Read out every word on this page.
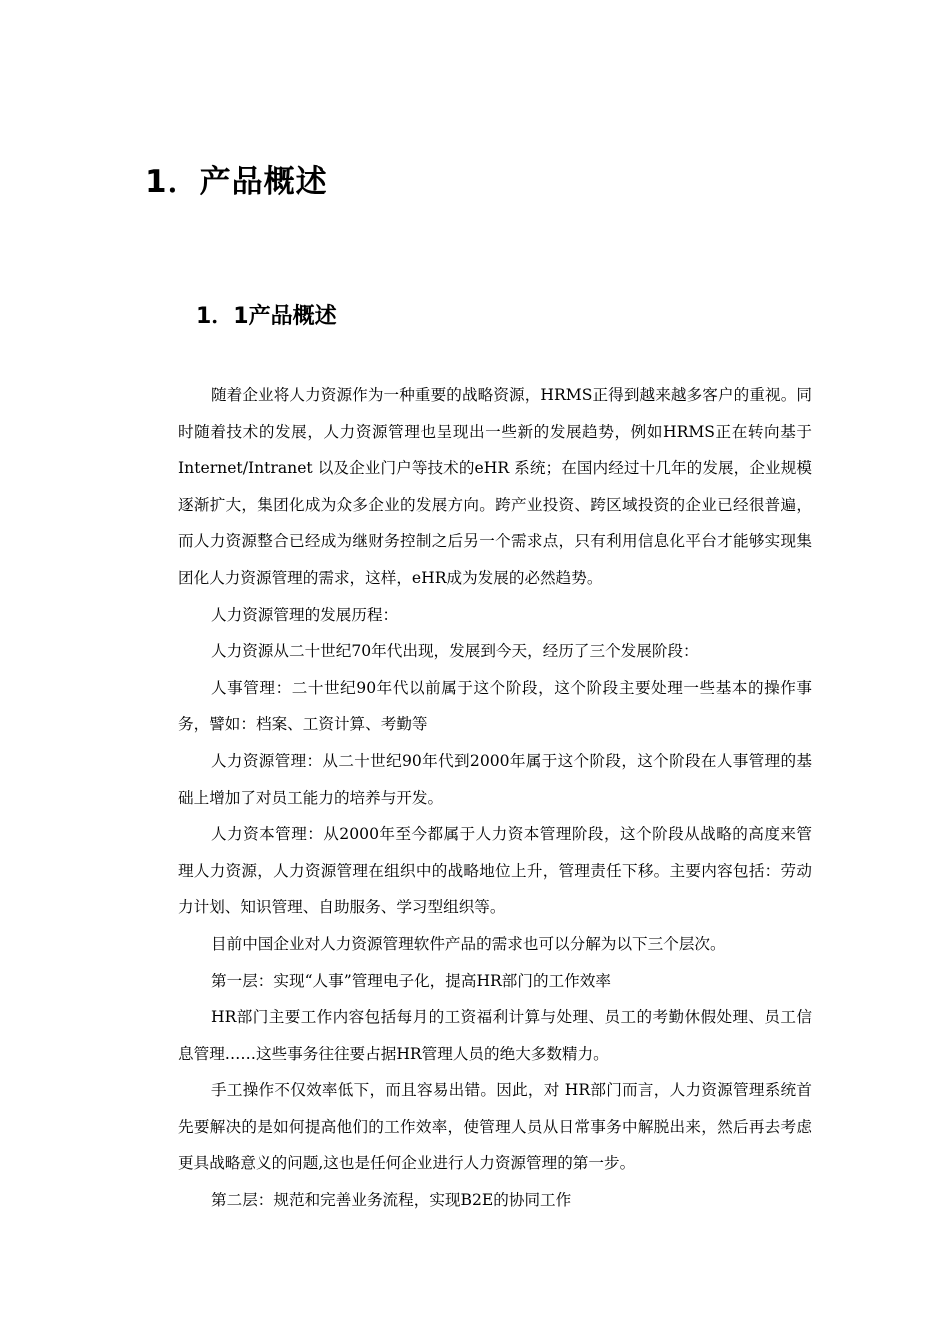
1．产品概述
1．1产品概述

随着企业将人力资源作为一种重要的战略资源，HRMS正得到越来越多客户的重视。同时随着技术的发展，人力资源管理也呈现出一些新的发展趋势，例如HRMS正在转向基于Internet/Intranet 以及企业门户等技术的eHR 系统；在国内经过十几年的发展，企业规模逐渐扩大，集团化成为众多企业的发展方向。跨产业投资、跨区域投资的企业已经很普遍，而人力资源整合已经成为继财务控制之后另一个需求点，只有利用信息化平台才能够实现集团化人力资源管理的需求，这样，eHR成为发展的必然趋势。

人力资源管理的发展历程：

人力资源从二十世纪70年代出现，发展到今天，经历了三个发展阶段：

人事管理：二十世纪90年代以前属于这个阶段，这个阶段主要处理一些基本的操作事务，譬如：档案、工资计算、考勤等

人力资源管理：从二十世纪90年代到2000年属于这个阶段，这个阶段在人事管理的基础上增加了对员工能力的培养与开发。

人力资本管理：从2000年至今都属于人力资本管理阶段，这个阶段从战略的高度来管理人力资源，人力资源管理在组织中的战略地位上升，管理责任下移。主要内容包括：劳动力计划、知识管理、自助服务、学习型组织等。

目前中国企业对人力资源管理软件产品的需求也可以分解为以下三个层次。

第一层：实现“人事”管理电子化，提高HR部门的工作效率

HR部门主要工作内容包括每月的工资福利计算与处理、员工的考勤休假处理、员工信息管理……这些事务往往要占据HR管理人员的绝大多数精力。

手工操作不仅效率低下，而且容易出错。因此，对 HR部门而言，人力资源管理系统首先要解决的是如何提高他们的工作效率，使管理人员从日常事务中解脱出来，然后再去考虑更具战略意义的问题,这也是任何企业进行人力资源管理的第一步。

第二层：规范和完善业务流程，实现B2E的协同工作
